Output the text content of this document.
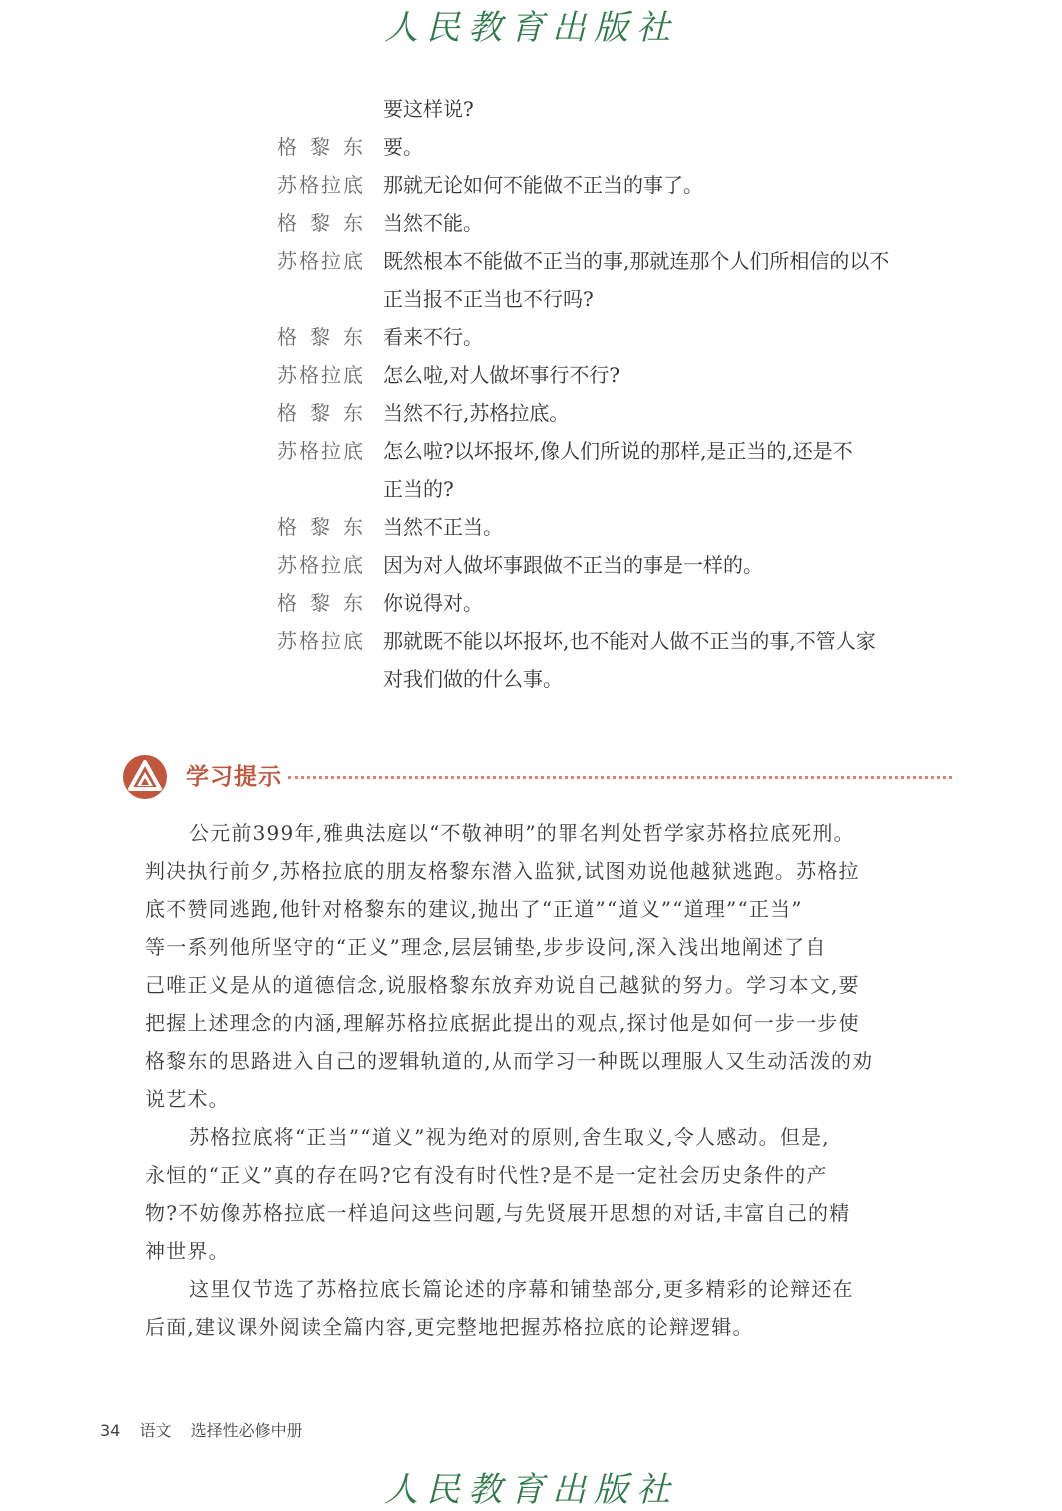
人民教育出版社
要这样说?
格 黎 东 要。
苏 格 拉 底 那就无论如何不能做不正当的事了。
格 黎 东 当然不能。
苏 格 拉 底 既然根本不能做不正当的事,那就连那个人们所相信的以不
正当报不正当也不行吗?
格 黎 东 看来不行。
苏 格 拉 底 怎么啦,对人做坏事行不行?
格 黎 东 当然不行,苏格拉底。
苏 格 拉 底 怎么啦?以坏报坏,像人们所说的那样,是正当的,还是不
正当的?
格 黎 东 当然不正当。
苏 格 拉 底 因为对人做坏事跟做不正当的事是一样的。
格 黎 东 你说得对。
苏 格 拉 底 那就既不能以坏报坏,也不能对人做不正当的事,不管人家
对我们做的什么事。
学习提示
公元前399年,雅典法庭以“不敬神明”的罪名判处哲学家苏格拉底死刑。
判决执行前夕,苏格拉底的朋友格黎东潜入监狱,试图劝说他越狱逃跑。苏格拉
底不赞同逃跑,他针对格黎东的建议,抛出了“正道”“道义”“道理”“正当”
等一系列他所坚守的“正义”理念,层层铺垫,步步设问,深入浅出地阐述了自
己唯正义是从的道德信念,说服格黎东放弃劝说自己越狱的努力。学习本文,要
把握上述理念的内涵,理解苏格拉底据此提出的观点,探讨他是如何一步一步使
格黎东的思路进入自己的逻辑轨道的,从而学习一种既以理服人又生动活泼的劝
说艺术。
苏格拉底将“正当”“道义”视为绝对的原则,舍生取义,令人感动。但是,
永恒的“正义”真的存在吗?它有没有时代性?是不是一定社会历史条件的产
物?不妨像苏格拉底一样追问这些问题,与先贤展开思想的对话,丰富自己的精
神世界。
这里仅节选了苏格拉底长篇论述的序幕和铺垫部分,更多精彩的论辩还在
后面,建议课外阅读全篇内容,更完整地把握苏格拉底的论辩逻辑。
34 语文 选择性必修中册
人民教育出版社
